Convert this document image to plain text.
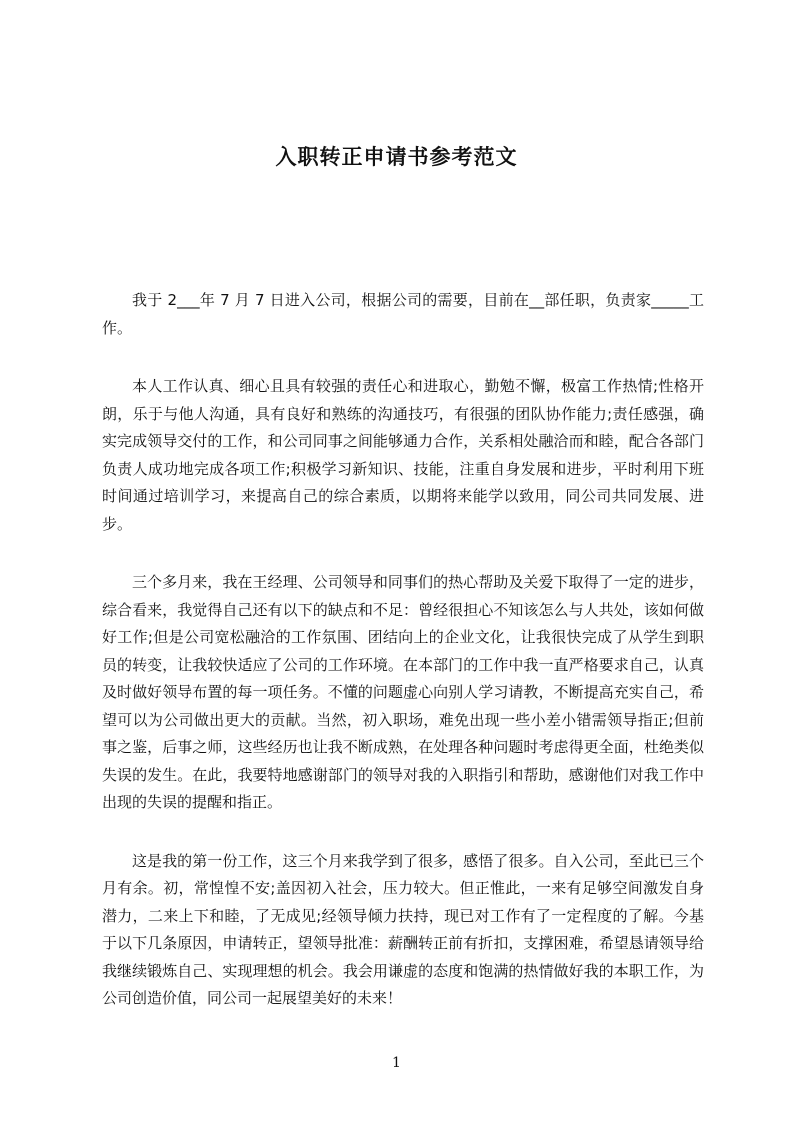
入职转正申请书参考范文

我于 2___年 7 月 7 日进入公司，根据公司的需要，目前在__部任职，负责家_____工作。

本人工作认真、细心且具有较强的责任心和进取心，勤勉不懈，极富工作热情;性格开朗，乐于与他人沟通，具有良好和熟练的沟通技巧，有很强的团队协作能力;责任感强，确实完成领导交付的工作，和公司同事之间能够通力合作，关系相处融洽而和睦，配合各部门负责人成功地完成各项工作;积极学习新知识、技能，注重自身发展和进步，平时利用下班时间通过培训学习，来提高自己的综合素质，以期将来能学以致用，同公司共同发展、进步。

三个多月来，我在王经理、公司领导和同事们的热心帮助及关爱下取得了一定的进步，综合看来，我觉得自己还有以下的缺点和不足：曾经很担心不知该怎么与人共处，该如何做好工作;但是公司宽松融洽的工作氛围、团结向上的企业文化，让我很快完成了从学生到职员的转变，让我较快适应了公司的工作环境。在本部门的工作中我一直严格要求自己，认真及时做好领导布置的每一项任务。不懂的问题虚心向别人学习请教，不断提高充实自己，希望可以为公司做出更大的贡献。当然，初入职场，难免出现一些小差小错需领导指正;但前事之鉴，后事之师，这些经历也让我不断成熟，在处理各种问题时考虑得更全面，杜绝类似失误的发生。在此，我要特地感谢部门的领导对我的入职指引和帮助，感谢他们对我工作中出现的失误的提醒和指正。

这是我的第一份工作，这三个月来我学到了很多，感悟了很多。自入公司，至此已三个月有余。初，常惶惶不安;盖因初入社会，压力较大。但正惟此，一来有足够空间激发自身潜力，二来上下和睦，了无成见;经领导倾力扶持，现已对工作有了一定程度的了解。今基于以下几条原因，申请转正，望领导批准：薪酬转正前有折扣，支撑困难，希望恳请领导给我继续锻炼自己、实现理想的机会。我会用谦虚的态度和饱满的热情做好我的本职工作，为公司创造价值，同公司一起展望美好的未来！

1
